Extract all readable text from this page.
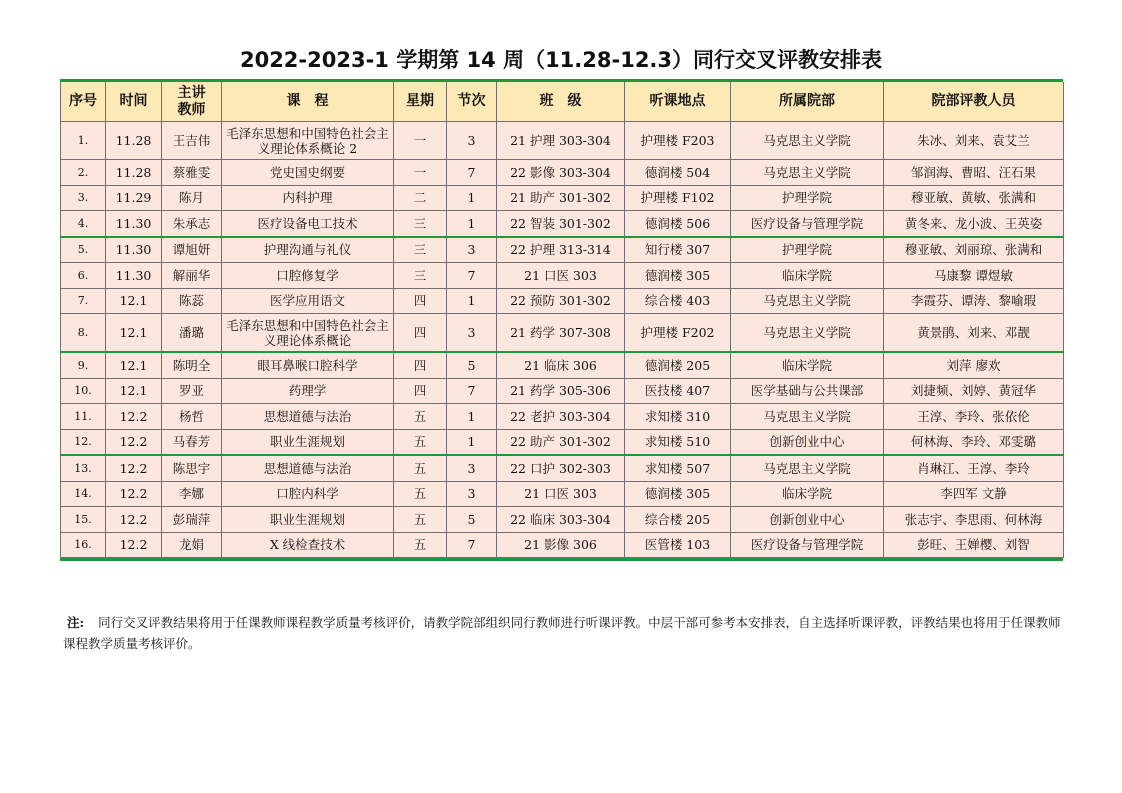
2022-2023-1 学期第 14 周（11.28-12.3）同行交叉评教安排表
序号	时间	主讲教师	课　程	星期	节次	班　级	听课地点	所属院部	院部评教人员
1.	11.28	王吉伟	毛泽东思想和中国特色社会主义理论体系概论 2	一	3	21 护理 303-304	护理楼 F203	马克思主义学院	朱冰、刘来、袁艾兰
2.	11.28	蔡雅雯	党史国史纲要	一	7	22 影像 303-304	德润楼 504	马克思主义学院	邹润海、曹昭、汪石果
3.	11.29	陈月	内科护理	二	1	21 助产 301-302	护理楼 F102	护理学院	穆亚敏、黄敏、张满和
4.	11.30	朱承志	医疗设备电工技术	三	1	22 智装 301-302	德润楼 506	医疗设备与管理学院	黄冬来、龙小波、王英姿
5.	11.30	谭旭妍	护理沟通与礼仪	三	3	22 护理 313-314	知行楼 307	护理学院	穆亚敏、刘丽琼、张满和
6.	11.30	解丽华	口腔修复学	三	7	21 口医 303	德润楼 305	临床学院	马康黎 谭煜敏
7.	12.1	陈蕊	医学应用语文	四	1	22 预防 301-302	综合楼 403	马克思主义学院	李霞芬、谭涛、黎喻瑕
8.	12.1	潘璐	毛泽东思想和中国特色社会主义理论体系概论	四	3	21 药学 307-308	护理楼 F202	马克思主义学院	黄景鹃、刘来、邓靓
9.	12.1	陈明全	眼耳鼻喉口腔科学	四	5	21 临床 306	德润楼 205	临床学院	刘萍 廖欢
10.	12.1	罗亚	药理学	四	7	21 药学 305-306	医技楼 407	医学基础与公共课部	刘捷频、刘婷、黄冠华
11.	12.2	杨哲	思想道德与法治	五	1	22 老护 303-304	求知楼 310	马克思主义学院	王淳、李玲、张依伦
12.	12.2	马春芳	职业生涯规划	五	1	22 助产 301-302	求知楼 510	创新创业中心	何林海、李玲、邓雯璐
13.	12.2	陈思宇	思想道德与法治	五	3	22 口护 302-303	求知楼 507	马克思主义学院	肖琳江、王淳、李玲
14.	12.2	李娜	口腔内科学	五	3	21 口医 303	德润楼 305	临床学院	李四军 文静
15.	12.2	彭瑞萍	职业生涯规划	五	5	22 临床 303-304	综合楼 205	创新创业中心	张志宇、李思雨、何林海
16.	12.2	龙娟	X 线检查技术	五	7	21 影像 306	医管楼 103	医疗设备与管理学院	彭旺、王婵樱、刘智
注: 同行交叉评教结果将用于任课教师课程教学质量考核评价，请教学院部组织同行教师进行听课评教。中层干部可参考本安排表，自主选择听课评教，评教结果也将用于任课教师课程教学质量考核评价。
